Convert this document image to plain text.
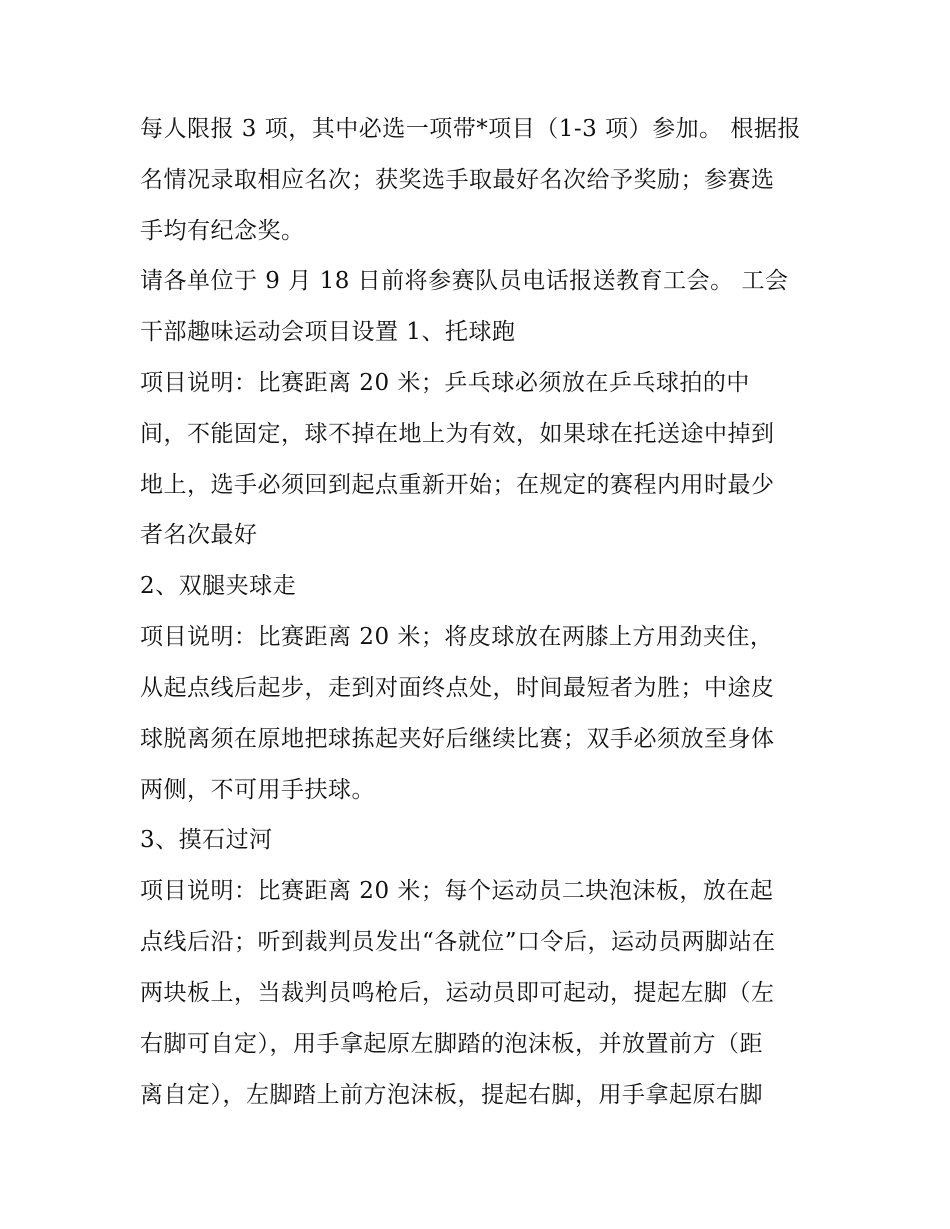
每人限报 3 项，其中必选一项带*项目（1-3 项）参加。 根据报
名情况录取相应名次；获奖选手取最好名次给予奖励；参赛选
手均有纪念奖。
请各单位于 9 月 18 日前将参赛队员电话报送教育工会。 工会
干部趣味运动会项目设置 1、托球跑
项目说明：比赛距离 20 米；乒乓球必须放在乒乓球拍的中
间，不能固定，球不掉在地上为有效，如果球在托送途中掉到
地上，选手必须回到起点重新开始；在规定的赛程内用时最少
者名次最好
2、双腿夹球走
项目说明：比赛距离 20 米；将皮球放在两膝上方用劲夹住，
从起点线后起步，走到对面终点处，时间最短者为胜；中途皮
球脱离须在原地把球拣起夹好后继续比赛；双手必须放至身体
两侧，不可用手扶球。
3、摸石过河
项目说明：比赛距离 20 米；每个运动员二块泡沫板，放在起
点线后沿；听到裁判员发出“各就位”口令后，运动员两脚站在
两块板上，当裁判员鸣枪后，运动员即可起动，提起左脚（左
右脚可自定），用手拿起原左脚踏的泡沫板，并放置前方（距
离自定），左脚踏上前方泡沫板，提起右脚，用手拿起原右脚
